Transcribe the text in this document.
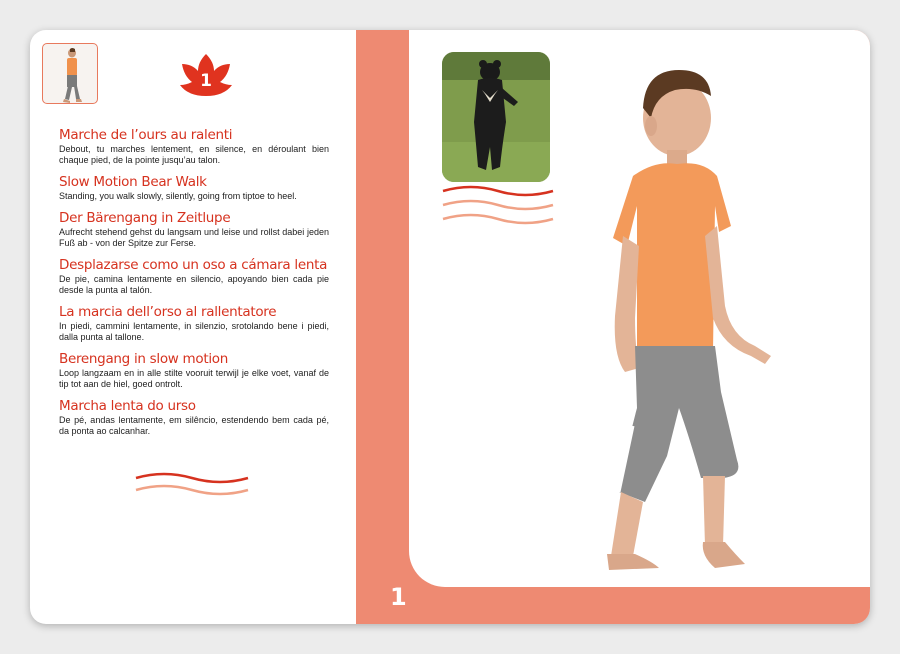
1
Marche de l’ours au ralenti

Debout, tu marches lentement, en silence, en déroulant bien chaque pied, de la pointe jusqu’au talon.

Slow Motion Bear Walk

Standing, you walk slowly, silently, going from tiptoe to heel.

Der Bärengang in Zeitlupe

Aufrecht stehend gehst du langsam und leise und rollst dabei jeden Fuß ab - von der Spitze zur Ferse.

Desplazarse como un oso a cámara lenta

De pie, camina lentamente en silencio, apoyando bien cada pie desde la punta al talón.

La marcia dell’orso al rallentatore

In piedi, cammini lentamente, in silenzio, srotolando bene i piedi, dalla punta al tallone.

Berengang in slow motion

Loop langzaam en in alle stilte vooruit terwijl je elke voet, vanaf de tip tot aan de hiel, goed ontrolt.

Marcha lenta do urso

De pé, andas lentamente, em silêncio, estendendo bem cada pé, da ponta ao calcanhar.

1
